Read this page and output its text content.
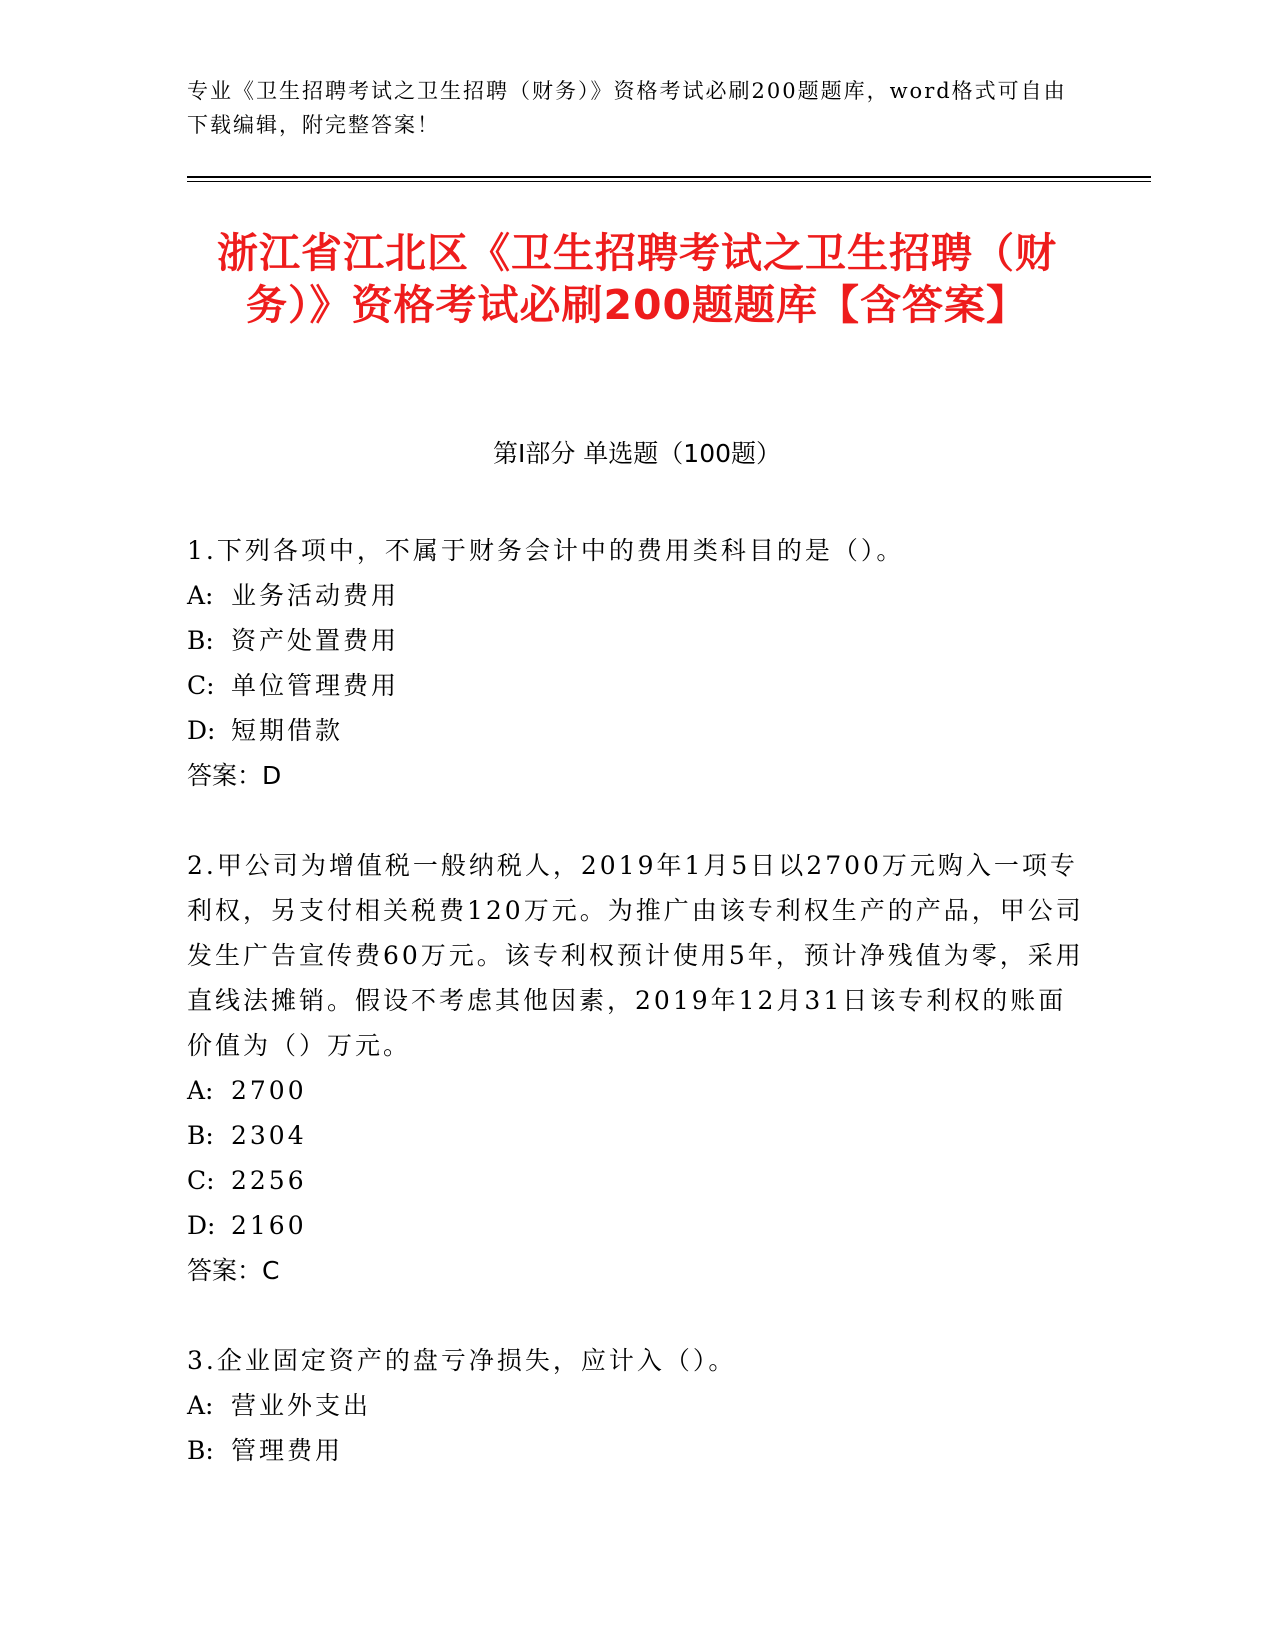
专业《卫生招聘考试之卫生招聘（财务）》资格考试必刷200题题库，word格式可自由下载编辑，附完整答案！
浙江省江北区《卫生招聘考试之卫生招聘（财务）》资格考试必刷200题题库【含答案】
第I部分 单选题（100题）

1.下列各项中，不属于财务会计中的费用类科目的是（）。

A: 业务活动费用

B: 资产处置费用

C: 单位管理费用

D: 短期借款

答案：D

2.甲公司为增值税一般纳税人，2019年1月5日以2700万元购入一项专利权，另支付相关税费120万元。为推广由该专利权生产的产品，甲公司发生广告宣传费60万元。该专利权预计使用5年，预计净残值为零，采用直线法摊销。假设不考虑其他因素，2019年12月31日该专利权的账面价值为（）万元。

A: 2700

B: 2304

C: 2256

D: 2160

答案：C

3.企业固定资产的盘亏净损失，应计入（）。

A: 营业外支出

B: 管理费用
